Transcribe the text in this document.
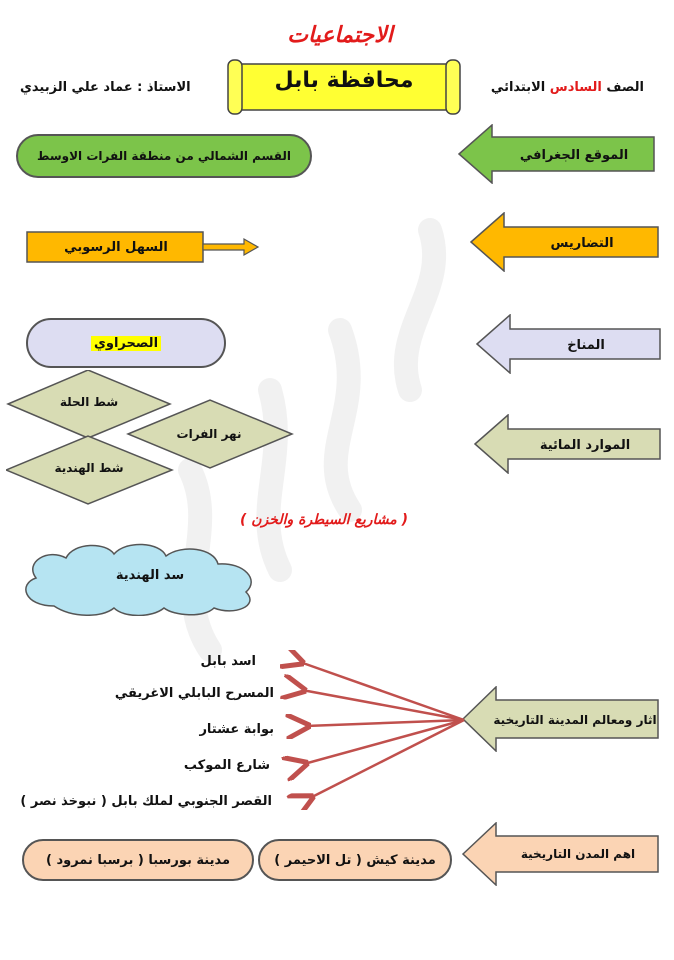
الاجتماعيات
الاستاذ : عماد علي الزبيدي	الصف السادس الابتدائي
محافظة بابل
الموقع الجغرافي
القسم الشمالي من منطقة الفرات الاوسط
التضاريس
السهل الرسوبي
المناخ
الصحراوي
الموارد المائية
شط الحلة
نهر الفرات
شط الهندية
( مشاريع السيطرة والخزن )
سد الهندية
اثار ومعالم المدينة التاريخية
اسد بابل
المسرح البابلي الاغريقي
بوابة عشتار
شارع الموكب
القصر الجنوبي لملك بابل ( نبوخذ نصر )
اهم المدن التاريخية
مدينة كيش ( تل الاحيمر )
مدينة بورسبا ( برسبا نمرود )
